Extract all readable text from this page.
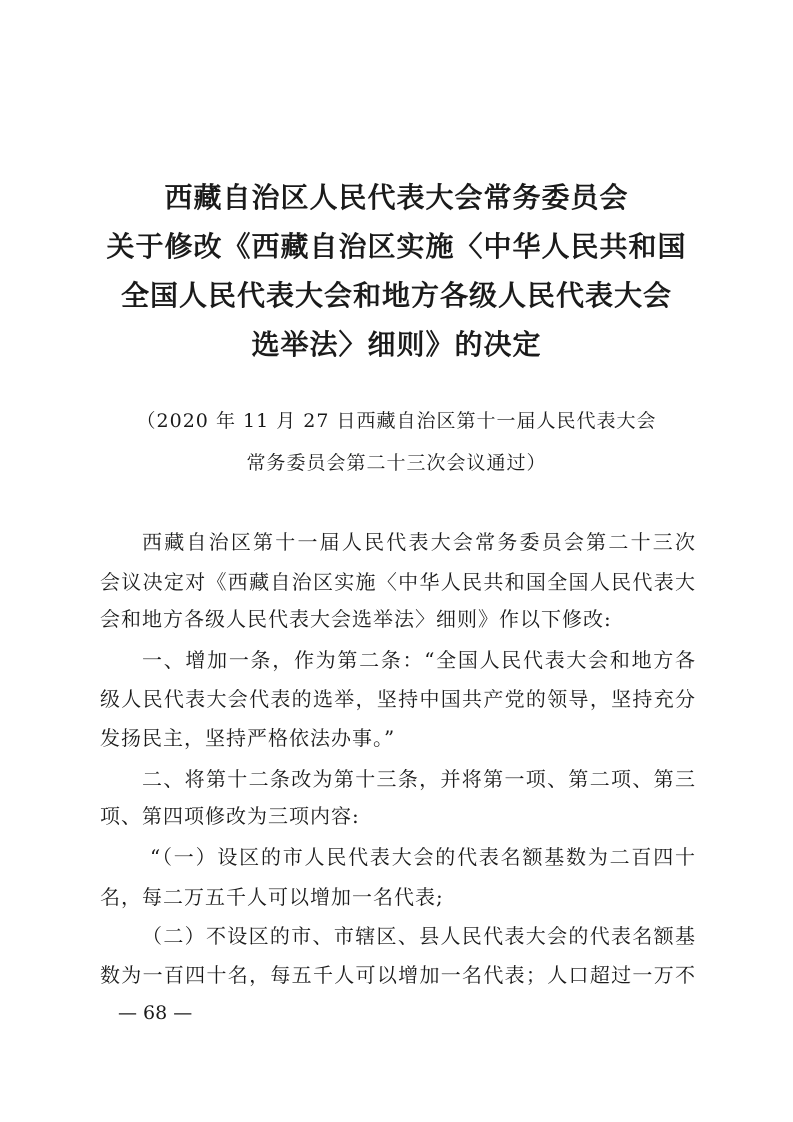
西藏自治区人民代表大会常务委员会
关于修改《西藏自治区实施〈中华人民共和国
全国人民代表大会和地方各级人民代表大会
选举法〉细则》的决定
（2020 年 11 月 27 日西藏自治区第十一届人民代表大会
常务委员会第二十三次会议通过）
西藏自治区第十一届人民代表大会常务委员会第二十三次
会议决定对《西藏自治区实施〈中华人民共和国全国人民代表大
会和地方各级人民代表大会选举法〉细则》作以下修改:
一、增加一条，作为第二条：“全国人民代表大会和地方各
级人民代表大会代表的选举，坚持中国共产党的领导，坚持充分
发扬民主，坚持严格依法办事。”
二、将第十二条改为第十三条，并将第一项、第二项、第三
项、第四项修改为三项内容:
“（一）设区的市人民代表大会的代表名额基数为二百四十
名，每二万五千人可以增加一名代表;
（二）不设区的市、市辖区、县人民代表大会的代表名额基
数为一百四十名，每五千人可以增加一名代表；人口超过一万不
— 68 —
